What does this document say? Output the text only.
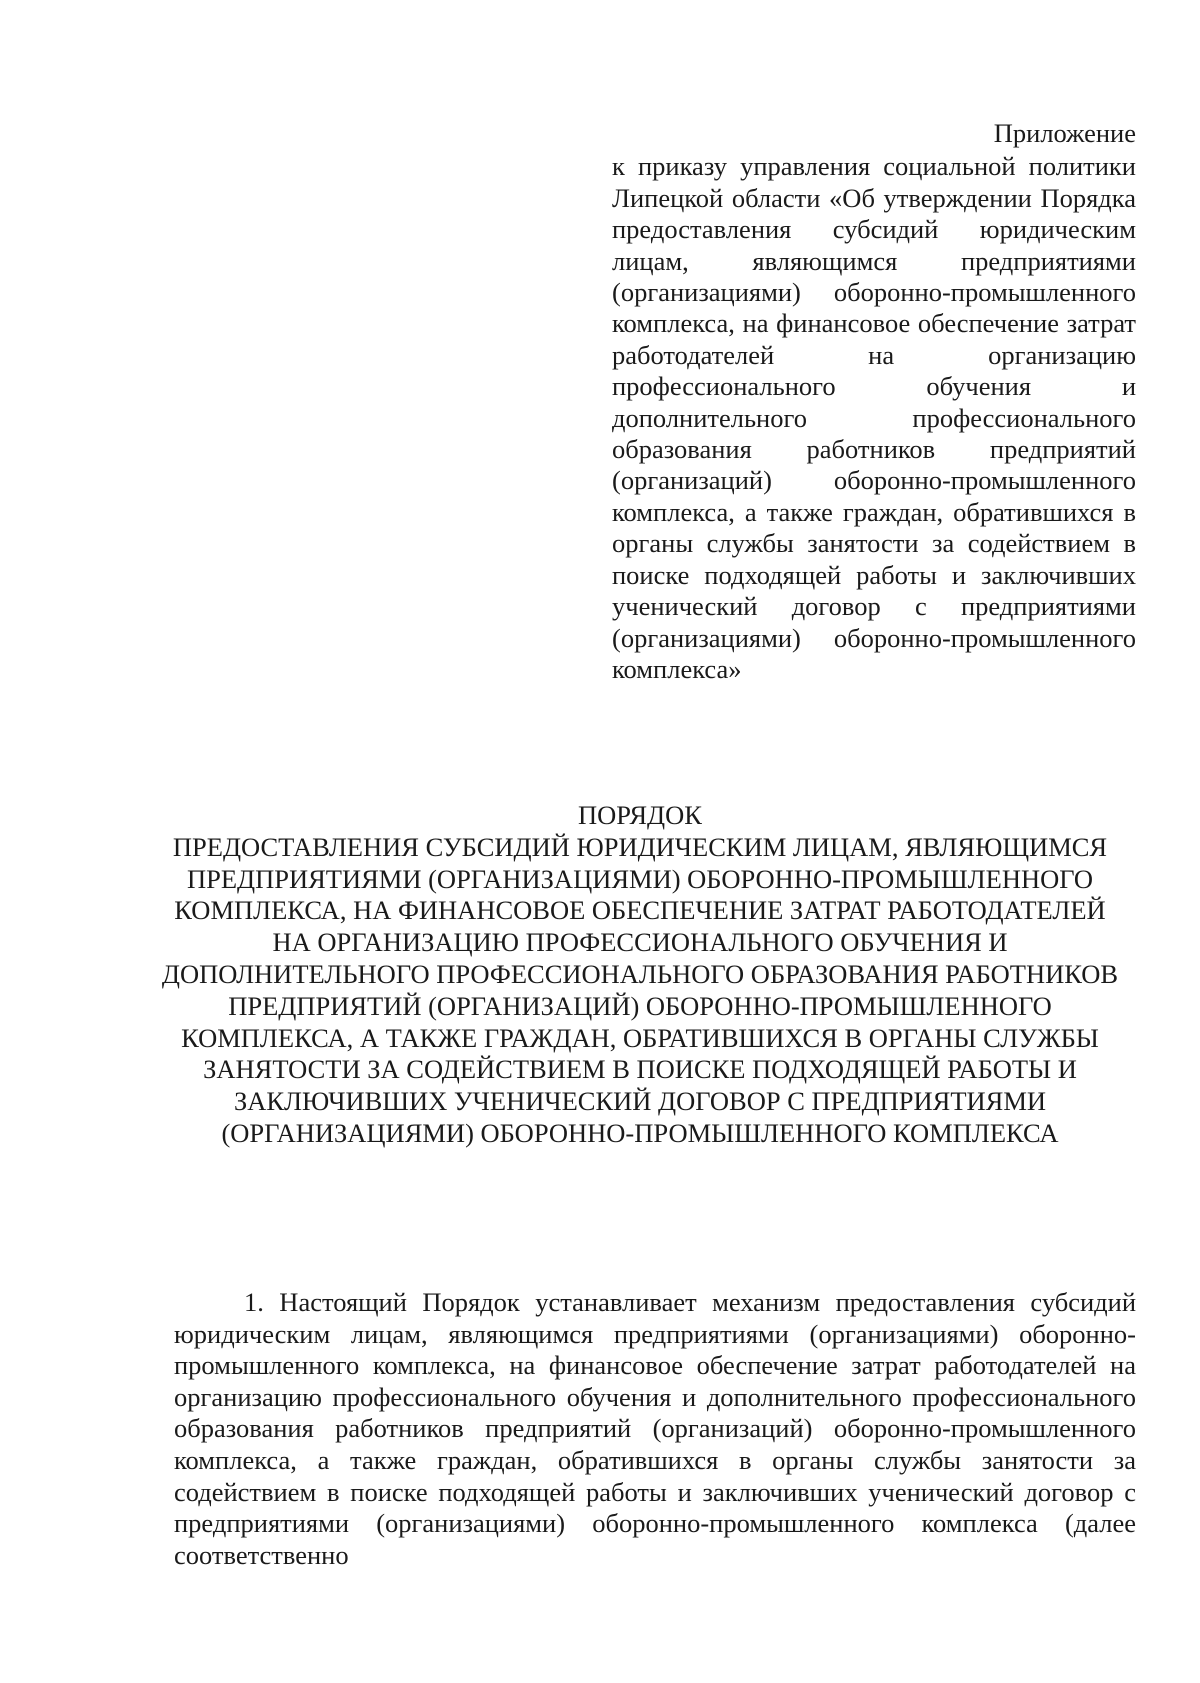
Приложение

к приказу управления социальной политики Липецкой области «Об утверждении Порядка предоставления субсидий юридическим лицам, являющимся предприятиями (организациями) оборонно-промышленного комплекса, на финансовое обеспечение затрат работодателей на организацию профессионального обучения и дополнительного профессионального образования работников предприятий (организаций) оборонно-промышленного комплекса, а также граждан, обратившихся в органы службы занятости за содействием в поиске подходящей работы и заключивших ученический договор с предприятиями (организациями) оборонно-промышленного комплекса»

ПОРЯДОК

ПРЕДОСТАВЛЕНИЯ СУБСИДИЙ ЮРИДИЧЕСКИМ ЛИЦАМ, ЯВЛЯЮЩИМСЯ ПРЕДПРИЯТИЯМИ (ОРГАНИЗАЦИЯМИ) ОБОРОННО-ПРОМЫШЛЕННОГО КОМПЛЕКСА, НА ФИНАНСОВОЕ ОБЕСПЕЧЕНИЕ ЗАТРАТ РАБОТОДАТЕЛЕЙ НА ОРГАНИЗАЦИЮ ПРОФЕССИОНАЛЬНОГО ОБУЧЕНИЯ И ДОПОЛНИТЕЛЬНОГО ПРОФЕССИОНАЛЬНОГО ОБРАЗОВАНИЯ РАБОТНИКОВ ПРЕДПРИЯТИЙ (ОРГАНИЗАЦИЙ) ОБОРОННО-ПРОМЫШЛЕННОГО КОМПЛЕКСА, А ТАКЖЕ ГРАЖДАН, ОБРАТИВШИХСЯ В ОРГАНЫ СЛУЖБЫ ЗАНЯТОСТИ ЗА СОДЕЙСТВИЕМ В ПОИСКЕ ПОДХОДЯЩЕЙ РАБОТЫ И ЗАКЛЮЧИВШИХ УЧЕНИЧЕСКИЙ ДОГОВОР С ПРЕДПРИЯТИЯМИ (ОРГАНИЗАЦИЯМИ) ОБОРОННО-ПРОМЫШЛЕННОГО КОМПЛЕКСА

1. Настоящий Порядок устанавливает механизм предоставления субсидий юридическим лицам, являющимся предприятиями (организациями) оборонно-промышленного комплекса, на финансовое обеспечение затрат работодателей на организацию профессионального обучения и дополнительного профессионального образования работников предприятий (организаций) оборонно-промышленного комплекса, а также граждан, обратившихся в органы службы занятости за содействием в поиске подходящей работы и заключивших ученический договор с предприятиями (организациями) оборонно-промышленного комплекса (далее соответственно
